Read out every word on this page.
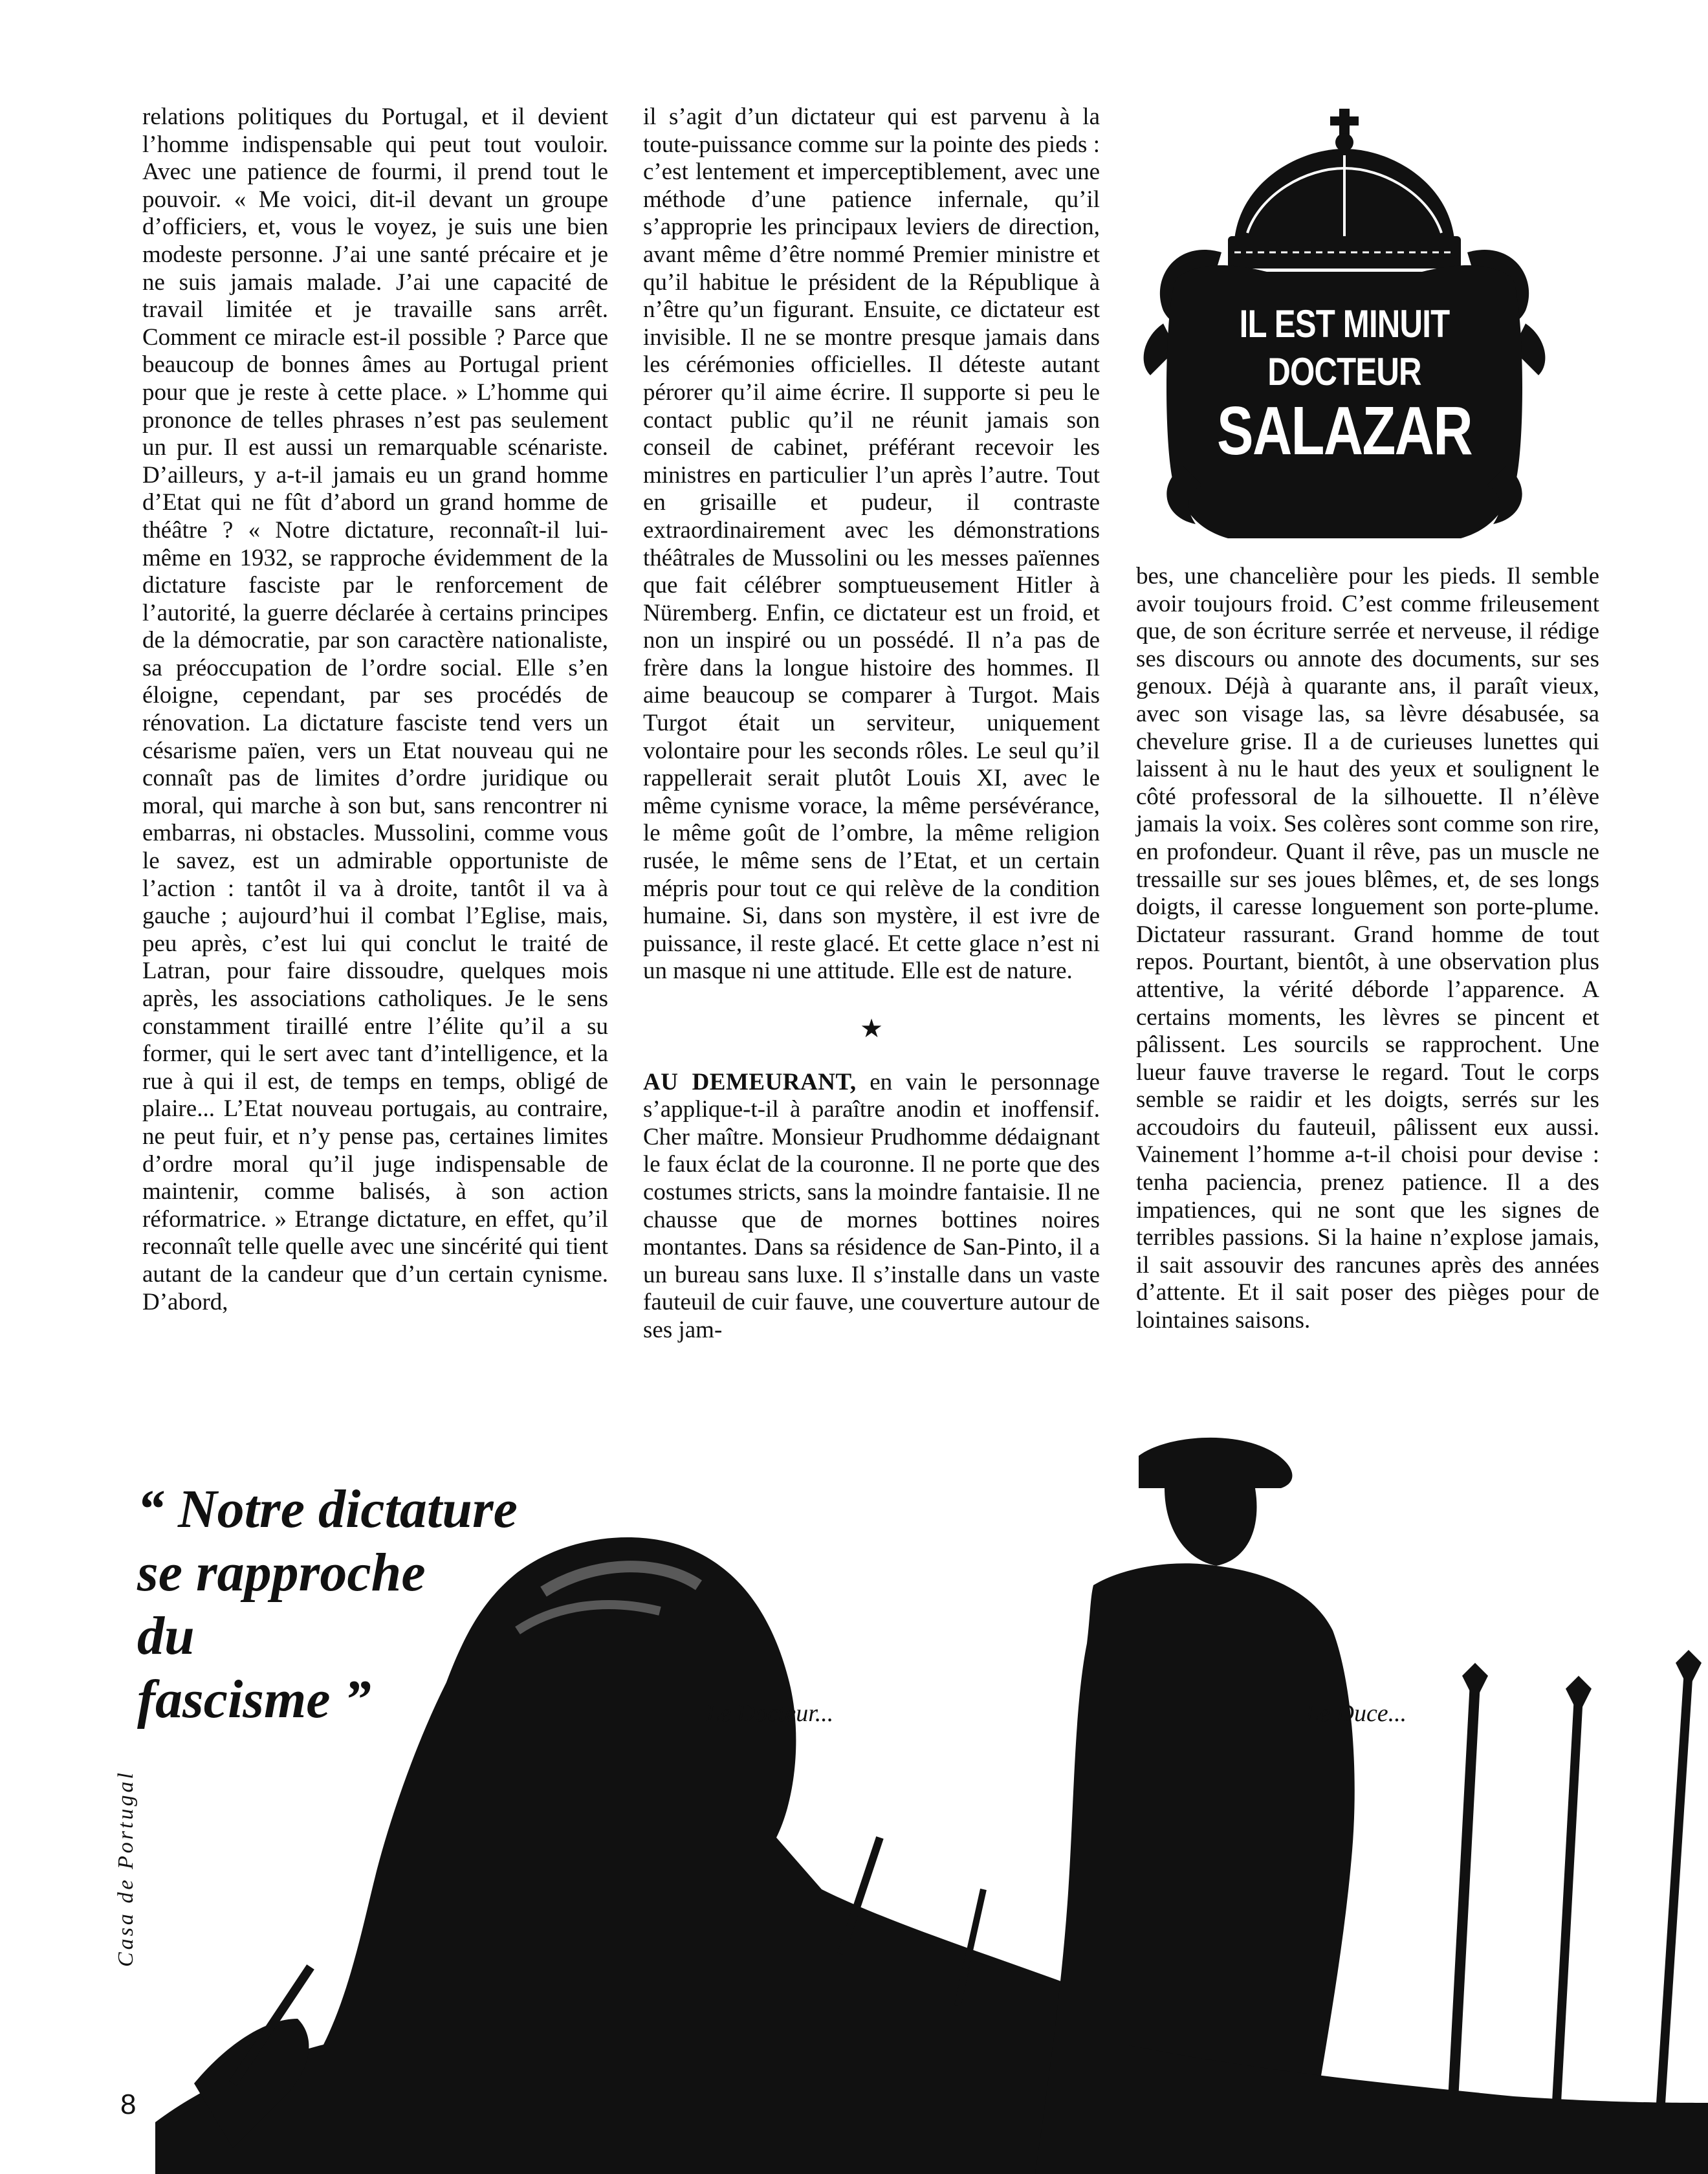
relations politiques du Portugal, et il devient l’homme indispensable qui peut tout vouloir. Avec une patience de fourmi, il prend tout le pouvoir. « Me voici, dit-il devant un groupe d’officiers, et, vous le voyez, je suis une bien modeste personne. J’ai une santé précaire et je ne suis jamais malade. J’ai une capacité de travail limitée et je travaille sans arrêt. Comment ce miracle est-il possible ? Parce que beaucoup de bonnes âmes au Portugal prient pour que je reste à cette place. » L’homme qui prononce de telles phrases n’est pas seulement un pur. Il est aussi un remarquable scénariste. D’ailleurs, y a-t-il jamais eu un grand homme d’Etat qui ne fût d’abord un grand homme de théâtre ? « Notre dictature, reconnaît-il lui-même en 1932, se rapproche évidemment de la dictature fasciste par le renforcement de l’autorité, la guerre déclarée à certains principes de la démocratie, par son caractère nationaliste, sa préoccupation de l’ordre social. Elle s’en éloigne, cependant, par ses procédés de rénovation. La dictature fasciste tend vers un césarisme païen, vers un Etat nouveau qui ne connaît pas de limites d’ordre juridique ou moral, qui marche à son but, sans rencontrer ni embarras, ni obstacles. Mussolini, comme vous le savez, est un admirable opportuniste de l’action : tantôt il va à droite, tantôt il va à gauche ; aujourd’hui il combat l’Eglise, mais, peu après, c’est lui qui conclut le traité de Latran, pour faire dissoudre, quelques mois après, les associations catholiques. Je le sens constamment tiraillé entre l’élite qu’il a su former, qui le sert avec tant d’intelligence, et la rue à qui il est, de temps en temps, obligé de plaire... L’Etat nouveau portugais, au contraire, ne peut fuir, et n’y pense pas, certaines limites d’ordre moral qu’il juge indispensable de maintenir, comme balisés, à son action réformatrice. » Etrange dictature, en effet, qu’il reconnaît telle quelle avec une sincérité qui tient autant de la candeur que d’un certain cynisme. D’abord,

il s’agit d’un dictateur qui est parvenu à la toute-puissance comme sur la pointe des pieds : c’est lentement et imperceptiblement, avec une méthode d’une patience infernale, qu’il s’approprie les principaux leviers de direction, avant même d’être nommé Premier ministre et qu’il habitue le président de la République à n’être qu’un figurant. Ensuite, ce dictateur est invisible. Il ne se montre presque jamais dans les cérémonies officielles. Il déteste autant pérorer qu’il aime écrire. Il supporte si peu le contact public qu’il ne réunit jamais son conseil de cabinet, préférant recevoir les ministres en particulier l’un après l’autre. Tout en grisaille et pudeur, il contraste extraordinairement avec les démonstrations théâtrales de Mussolini ou les messes païennes que fait célébrer somptueusement Hitler à Nüremberg. Enfin, ce dictateur est un froid, et non un inspiré ou un possédé. Il n’a pas de frère dans la longue histoire des hommes. Il aime beaucoup se comparer à Turgot. Mais Turgot était un serviteur, uniquement volontaire pour les seconds rôles. Le seul qu’il rappellerait serait plutôt Louis XI, avec le même cynisme vorace, la même persévérance, le même goût de l’ombre, la même religion rusée, le même sens de l’Etat, et un certain mépris pour tout ce qui relève de la condition humaine. Si, dans son mystère, il est ivre de puissance, il reste glacé. Et cette glace n’est ni un masque ni une attitude. Elle est de nature.

★

AU DEMEURANT, en vain le personnage s’applique-t-il à paraître anodin et inoffensif. Cher maître. Monsieur Prudhomme dédaignant le faux éclat de la couronne. Il ne porte que des costumes stricts, sans la moindre fantaisie. Il ne chausse que de mornes bottines noires montantes. Dans sa résidence de San-Pinto, il a un bureau sans luxe. Il s’installe dans un vaste fauteuil de cuir fauve, une couverture autour de ses jam-

bes, une chancelière pour les pieds. Il semble avoir toujours froid. C’est comme frileusement que, de son écriture serrée et nerveuse, il rédige ses discours ou annote des documents, sur ses genoux. Déjà à quarante ans, il paraît vieux, avec son visage las, sa lèvre désabusée, sa chevelure grise. Il a de curieuses lunettes qui laissent à nu le haut des yeux et soulignent le côté professoral de la silhouette. Il n’élève jamais la voix. Ses colères sont comme son rire, en profondeur. Quant il rêve, pas un muscle ne tressaille sur ses joues blêmes, et, de ses longs doigts, il caresse longuement son porte-plume. Dictateur rassurant. Grand homme de tout repos. Pourtant, bientôt, à une observation plus attentive, la vérité déborde l’apparence. A certains moments, les lèvres se pincent et pâlissent. Les sourcils se rapprochent. Une lueur fauve traverse le regard. Tout le corps semble se raidir et les doigts, serrés sur les accoudoirs du fauteuil, pâlissent eux aussi. Vainement l’homme a-t-il choisi pour devise : tenha paciencia, prenez patience. Il a des impatiences, qui ne sont que les signes de terribles passions. Si la haine n’explose jamais, il sait assouvir des rancunes après des années d’attente. Et il sait poser des pièges pour de lointaines saisons.

IL EST MINUIT
DOCTEUR
SALAZAR
“ Notre dictature
se rapproche
du
fascisme ”	Le Docteur...	Le Duce...
Casa de Portugal
8
